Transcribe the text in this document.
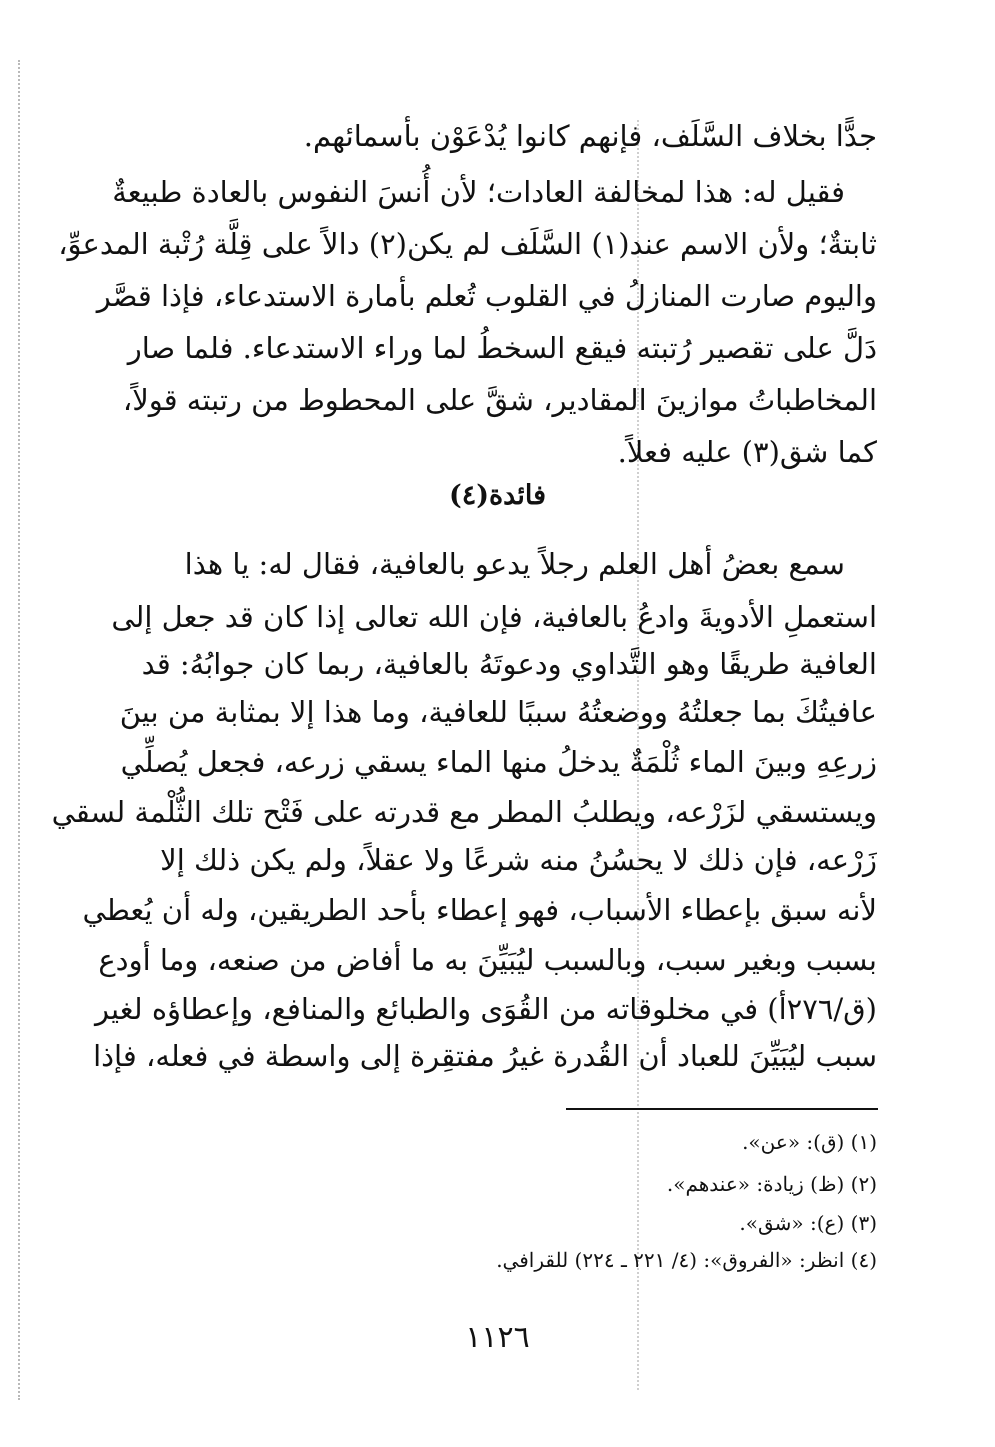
جدًّا بخلاف السَّلَف، فإنهم كانوا يُدْعَوْن بأسمائهم.
فقيل له: هذا لمخالفة العادات؛ لأن أُنسَ النفوس بالعادة طبيعةٌ
ثابتةٌ؛ ولأن الاسم عند(١) السَّلَف لم يكن(٢) دالاً على قِلَّة رُتْبة المدعوِّ،
واليوم صارت المنازلُ في القلوب تُعلم بأمارة الاستدعاء، فإذا قصَّر
دَلَّ على تقصير رُتبته فيقع السخطُ لما وراء الاستدعاء. فلما صار
المخاطباتُ موازينَ المقادير، شقَّ على المحطوط من رتبته قولاً،
كما شق(٣) عليه فعلاً.
فائدة(٤)
سمع بعضُ أهل العلم رجلاً يدعو بالعافية، فقال له: يا هذا
استعملِ الأدويةَ وادعُ بالعافية، فإن الله تعالى إذا كان قد جعل إلى
العافية طريقًا وهو التَّداوي ودعوتَهُ بالعافية، ربما كان جوابُهُ: قد
عافيتُكَ بما جعلتُهُ ووضعتُهُ سببًا للعافية، وما هذا إلا بمثابة من بينَ
زرعِهِ وبينَ الماء ثُلْمَةٌ يدخلُ منها الماء يسقي زرعه، فجعل يُصلِّي
ويستسقي لزَرْعه، ويطلبُ المطر مع قدرته على فَتْح تلك الثُّلْمة لسقي
زَرْعه، فإن ذلك لا يحسُنُ منه شرعًا ولا عقلاً، ولم يكن ذلك إلا
لأنه سبق بإعطاء الأسباب، فهو إعطاء بأحد الطريقين، وله أن يُعطي
بسبب وبغير سبب، وبالسبب ليُبَيِّنَ به ما أفاض من صنعه، وما أودع
(ق/٢٧٦أ) في مخلوقاته من القُوَى والطبائع والمنافع، وإعطاؤه لغير
سبب ليُبَيِّنَ للعباد أن القُدرة غيرُ مفتقِرة إلى واسطة في فعله، فإذا
(١) (ق): «عن».
(٢) (ظ) زيادة: «عندهم».
(٣) (ع): «شق».
(٤) انظر: «الفروق»: (٤/ ٢٢١ ـ ٢٢٤) للقرافي.
١١٢٦
